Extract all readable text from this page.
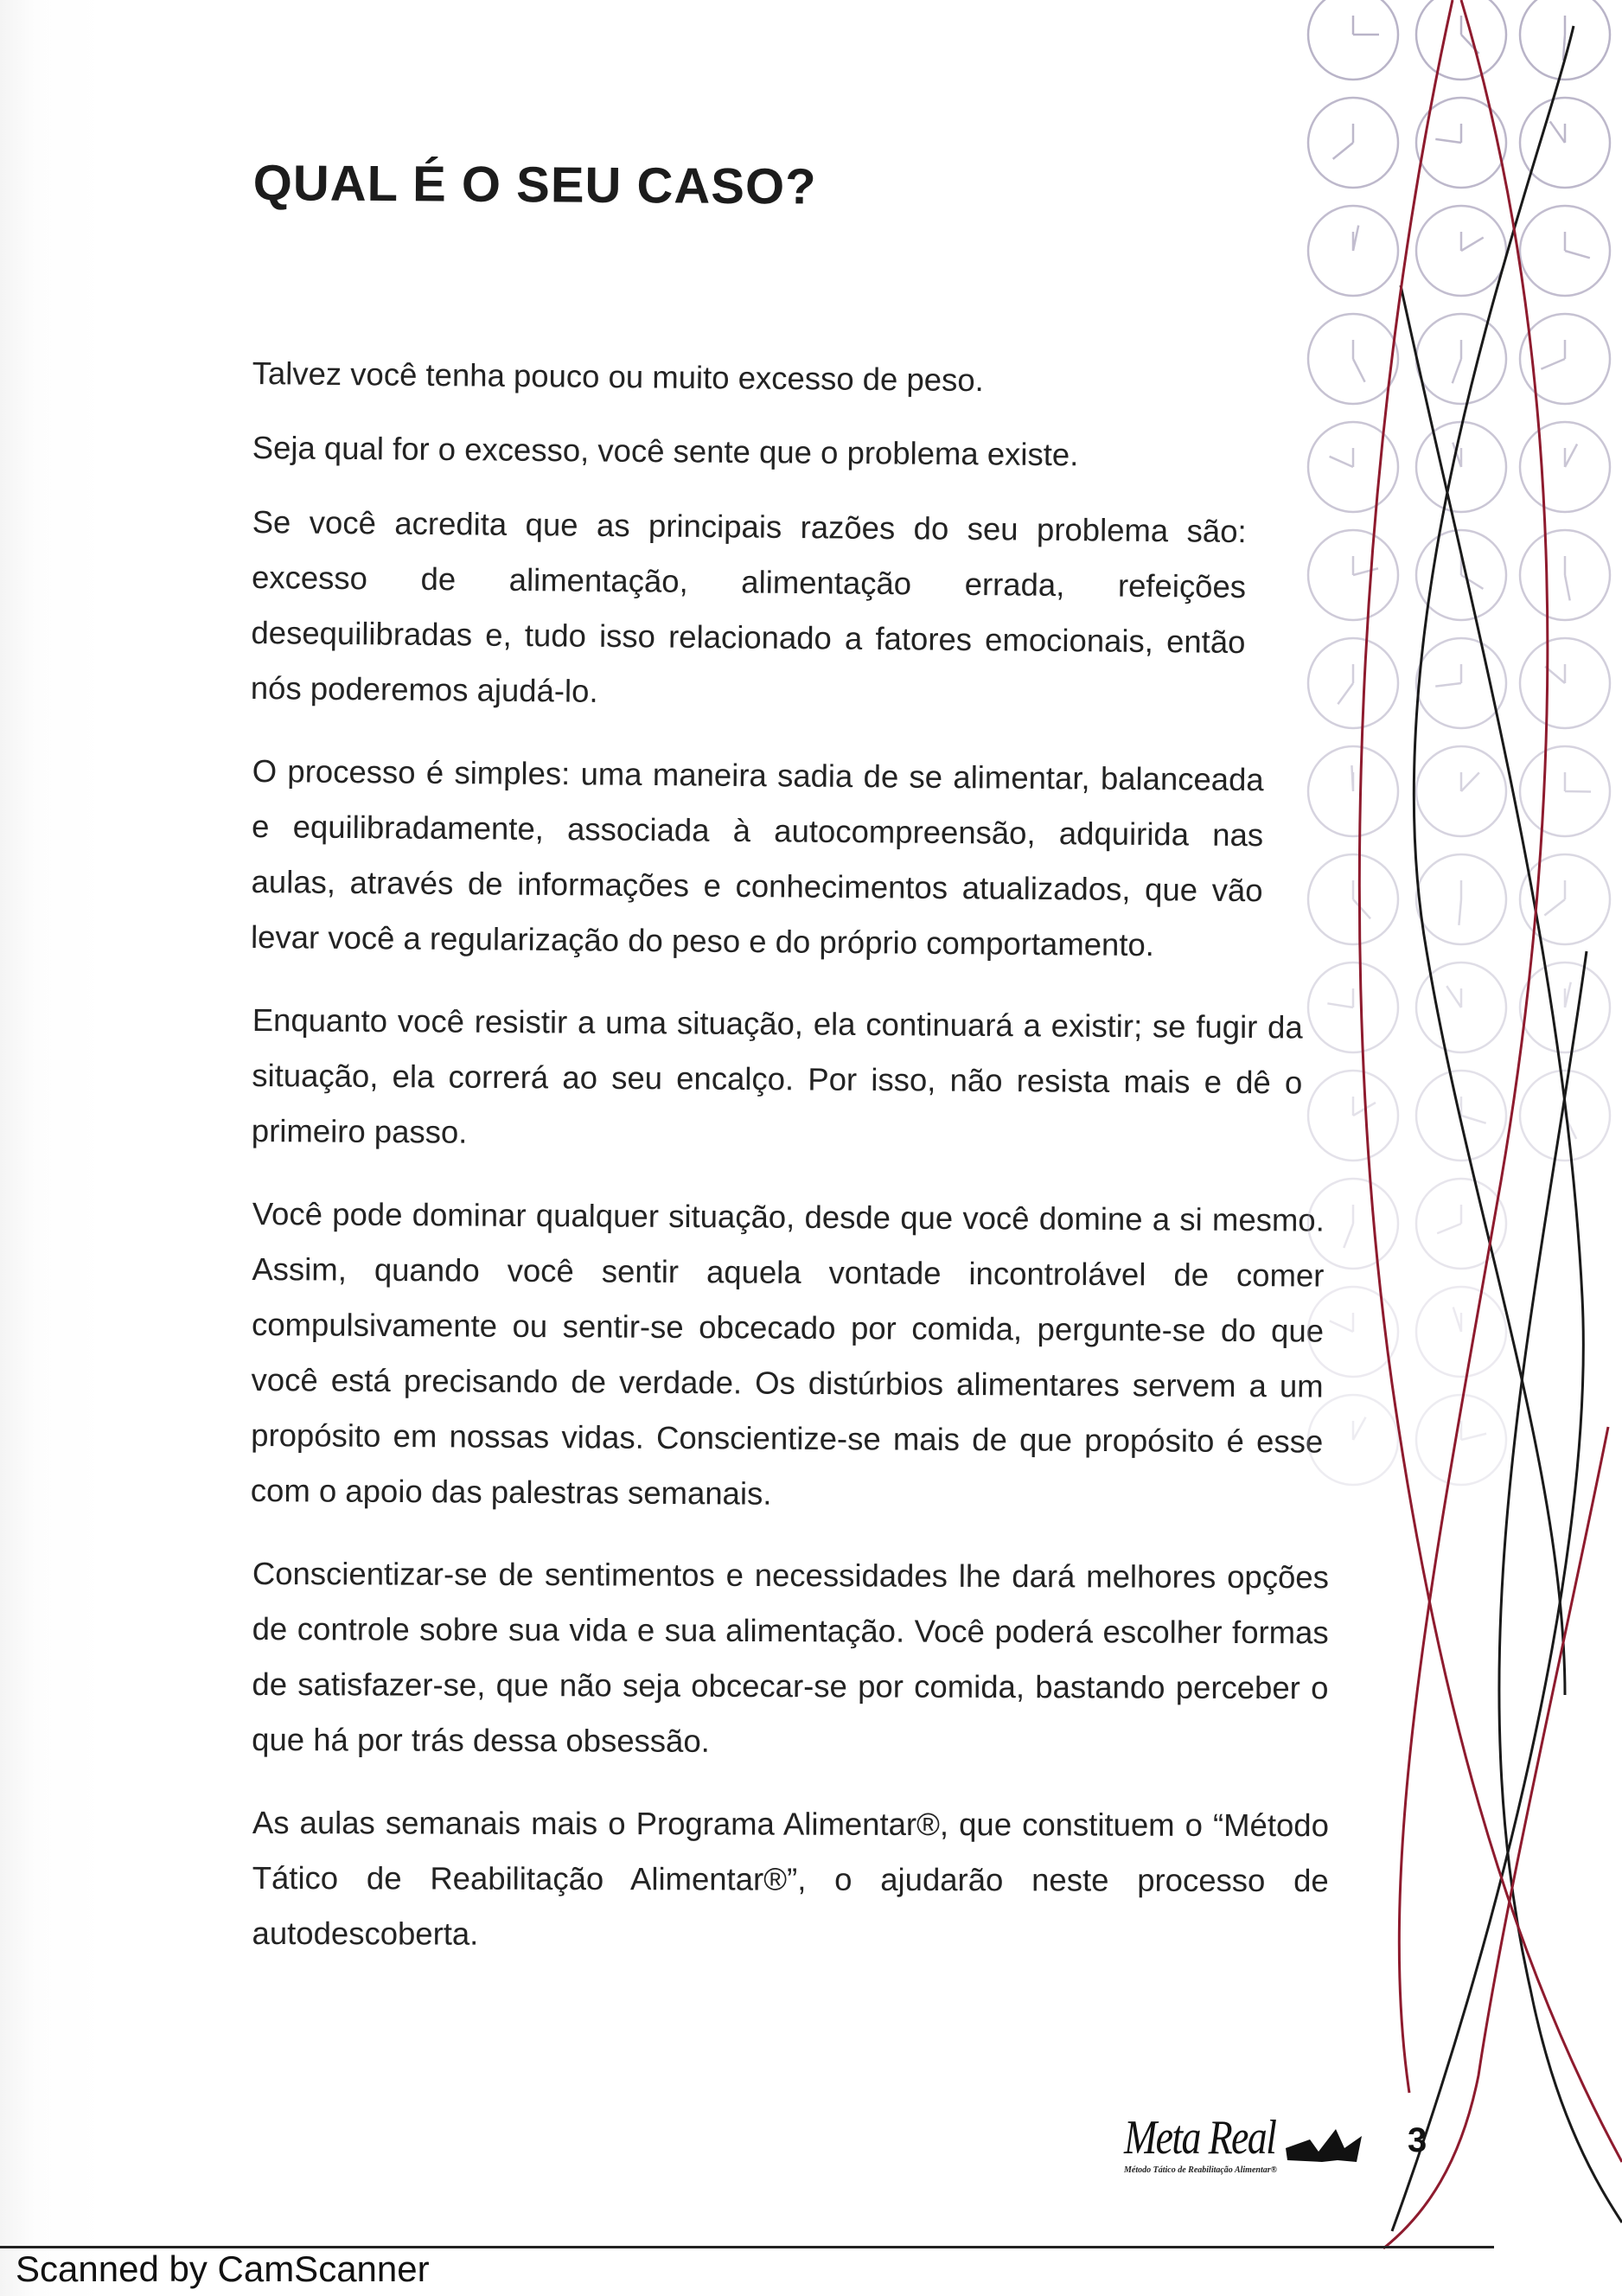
QUAL É O SEU CASO?

Talvez você tenha pouco ou muito excesso de peso.

Seja qual for o excesso, você sente que o problema existe.

Se você acredita que as principais razões do seu problema são: excesso de alimentação, alimentação errada, refeições desequilibradas e, tudo isso relacionado a fatores emocionais, então nós poderemos ajudá-lo.

O processo é simples: uma maneira sadia de se alimentar, balanceada e equilibradamente, associada à autocompreensão, adquirida nas aulas, através de informações e conhecimentos atualizados, que vão levar você a regularização do peso e do próprio comportamento.

Enquanto você resistir a uma situação, ela continuará a existir; se fugir da situação, ela correrá ao seu encalço. Por isso, não resista mais e dê o primeiro passo.

Você pode dominar qualquer situação, desde que você domine a si mesmo. Assim, quando você sentir aquela vontade incontrolável de comer compulsivamente ou sentir-se obcecado por comida, pergunte-se do que você está precisando de verdade. Os distúrbios alimentares servem a um propósito em nossas vidas. Conscientize-se mais de que propósito é esse com o apoio das palestras semanais.

Conscientizar-se de sentimentos e necessidades lhe dará melhores opções de controle sobre sua vida e sua alimentação. Você poderá escolher formas de satisfazer-se, que não seja obcecar-se por comida, bastando perceber o que há por trás dessa obsessão.

As aulas semanais mais o Programa Alimentar®, que constituem o “Método Tático de Reabilitação Alimentar®”, o ajudarão neste processo de autodescoberta.

Meta Real
Método Tático de Reabilitação Alimentar®
3
Scanned by CamScanner
